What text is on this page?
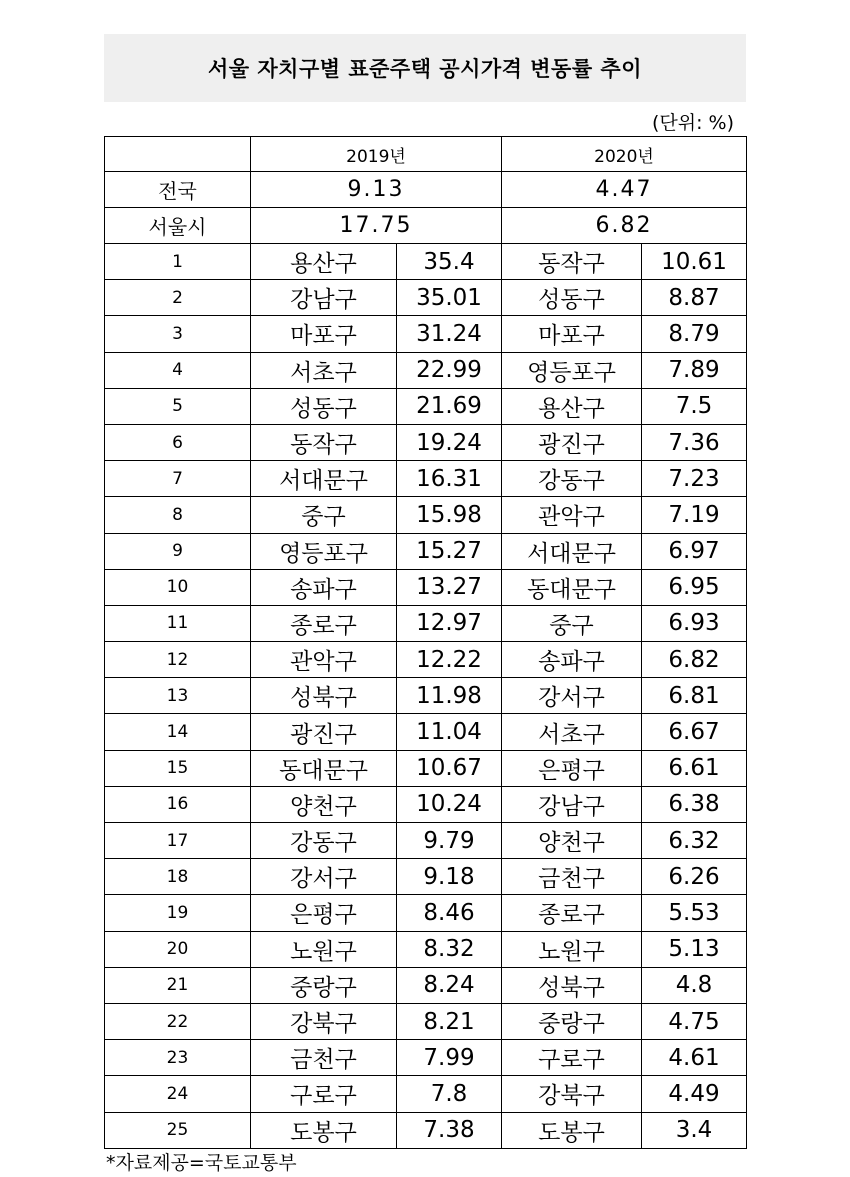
서울 자치구별 표준주택 공시가격 변동률 추이
(단위: %)
	2019년		2020년	
전국	9.13		4.47	
서울시	17.75		6.82	
1	용산구	35.4	동작구	10.61
2	강남구	35.01	성동구	8.87
3	마포구	31.24	마포구	8.79
4	서초구	22.99	영등포구	7.89
5	성동구	21.69	용산구	7.5
6	동작구	19.24	광진구	7.36
7	서대문구	16.31	강동구	7.23
8	중구	15.98	관악구	7.19
9	영등포구	15.27	서대문구	6.97
10	송파구	13.27	동대문구	6.95
11	종로구	12.97	중구	6.93
12	관악구	12.22	송파구	6.82
13	성북구	11.98	강서구	6.81
14	광진구	11.04	서초구	6.67
15	동대문구	10.67	은평구	6.61
16	양천구	10.24	강남구	6.38
17	강동구	9.79	양천구	6.32
18	강서구	9.18	금천구	6.26
19	은평구	8.46	종로구	5.53
20	노원구	8.32	노원구	5.13
21	중랑구	8.24	성북구	4.8
22	강북구	8.21	중랑구	4.75
23	금천구	7.99	구로구	4.61
24	구로구	7.8	강북구	4.49
25	도봉구	7.38	도봉구	3.4
*자료제공=국토교통부
